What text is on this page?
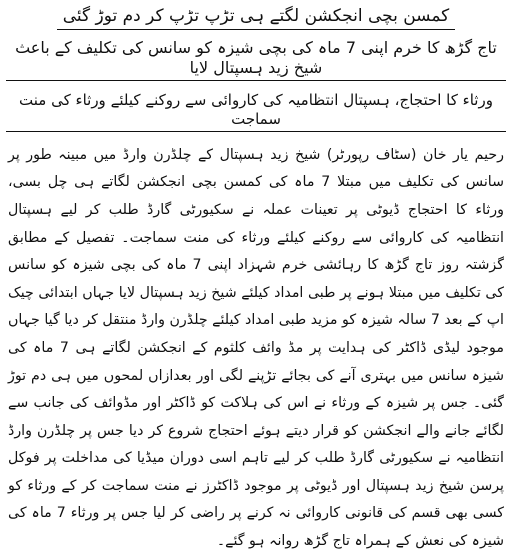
کمسن بچی انجکشن لگتے ہی تڑپ تڑپ کر دم توڑ گئی
تاج گڑھ کا خرم اپنی 7 ماہ کی بچی شیزہ کو سانس کی تکلیف کے باعث شیخ زید ہسپتال لایا
ورثاء کا احتجاج، ہسپتال انتظامیہ کی کاروائی سے روکنے کیلئے ورثاء کی منت سماجت

رحیم یار خان (سٹاف رپورٹر) شیخ زید ہسپتال کے چلڈرن وارڈ میں مبینہ طور پر سانس کی تکلیف میں مبتلا 7 ماہ کی کمسن بچی انجکشن لگاتے ہی چل بسی، ورثاء کا احتجاج ڈیوٹی پر تعینات عملہ نے سکیورٹی گارڈ طلب کر لیے ہسپتال انتظامیہ کی کاروائی سے روکنے کیلئے ورثاء کی منت سماجت۔ تفصیل کے مطابق گزشتہ روز تاج گڑھ کا رہائشی خرم شہزاد اپنی 7 ماہ کی بچی شیزہ کو سانس کی تکلیف میں مبتلا ہونے پر طبی امداد کیلئے شیخ زید ہسپتال لایا جہاں ابتدائی چیک اپ کے بعد 7 سالہ شیزہ کو مزید طبی امداد کیلئے چلڈرن وارڈ منتقل کر دیا گیا جہاں موجود لیڈی ڈاکٹر کی ہدایت پر مڈ وائف کلثوم کے انجکشن لگاتے ہی 7 ماہ کی شیزہ سانس میں بہتری آنے کی بجائے تڑپنے لگی اور بعدازاں لمحوں میں ہی دم توڑ گئی۔ جس پر شیزہ کے ورثاء نے اس کی ہلاکت کو ڈاکٹر اور مڈوائف کی جانب سے لگائے جانے والے انجکشن کو قرار دیتے ہوئے احتجاج شروع کر دیا جس پر چلڈرن وارڈ انتظامیہ نے سکیورٹی گارڈ طلب کر لیے تاہم اسی دوران میڈیا کی مداخلت پر فوکل پرسن شیخ زید ہسپتال اور ڈیوٹی پر موجود ڈاکٹرز نے منت سماجت کر کے ورثاء کو کسی بھی قسم کی قانونی کاروائی نہ کرنے پر راضی کر لیا جس پر ورثاء 7 ماہ کی شیزہ کی نعش کے ہمراہ تاج گڑھ روانہ ہو گئے۔
